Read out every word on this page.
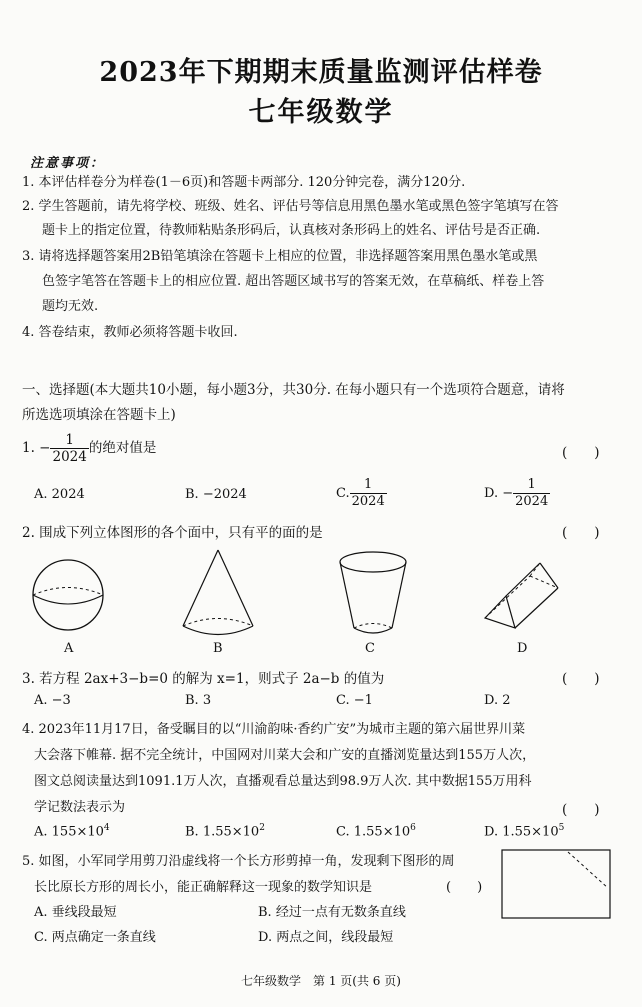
2023年下期期末质量监测评估样卷
七年级数学
注意事项：
1. 本评估样卷分为样卷(1－6页)和答题卡两部分. 120分钟完卷，满分120分.
2. 学生答题前，请先将学校、班级、姓名、评估号等信息用黑色墨水笔或黑色签字笔填写在答
题卡上的指定位置，待教师粘贴条形码后，认真核对条形码上的姓名、评估号是否正确.
3. 请将选择题答案用2B铅笔填涂在答题卡上相应的位置，非选择题答案用黑色墨水笔或黑
色签字笔答在答题卡上的相应位置. 超出答题区域书写的答案无效，在草稿纸、样卷上答
题均无效.
4. 答卷结束，教师必须将答题卡收回.
一、选择题(本大题共10小题，每小题3分，共30分. 在每小题只有一个选项符合题意，请将
所选选项填涂在答题卡上)
1. − $\frac{1}{2024}$ 的绝对值是	(　　)
A. 2024	B. −2024	C. $\frac{1}{2024}$	D. − $\frac{1}{2024}$
2. 围成下列立体图形的各个面中，只有平的面的是	(　　)
A	B	C	D
3. 若方程 2ax+3−b=0 的解为 x=1，则式子 2a−b 的值为	(　　)
A. −3	B. 3	C. −1	D. 2
4. 2023年11月17日，备受瞩目的以“川渝韵味·香约广安”为城市主题的第六届世界川菜
大会落下帷幕. 据不完全统计，中国网对川菜大会和广安的直播浏览量达到155万人次，
图文总阅读量达到1091.1万人次，直播观看总量达到98.9万人次. 其中数据155万用科
学记数法表示为	(　　)
A. $155\times 10^4$	B. $1.55\times 10^2$	C. $1.55\times 10^6$	D. $1.55\times 10^5$
5. 如图，小军同学用剪刀沿虚线将一个长方形剪掉一角，发现剩下图形的周
长比原长方形的周长小，能正确解释这一现象的数学知识是	(　　)
A. 垂线段最短	B. 经过一点有无数条直线
C. 两点确定一条直线	D. 两点之间，线段最短
七年级数学　第 1 页(共 6 页)
